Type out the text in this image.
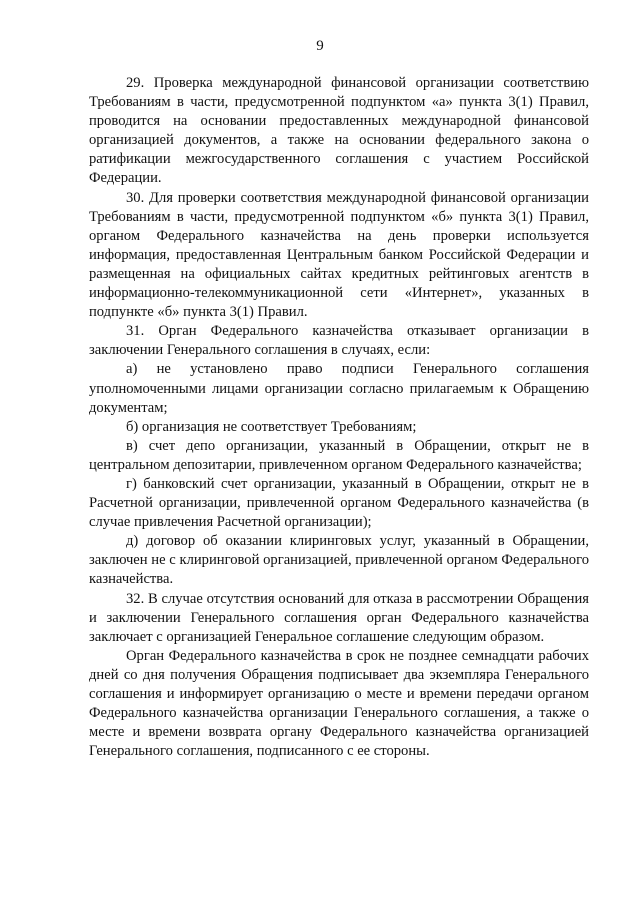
9

29. Проверка международной финансовой организации соответствию Требованиям в части, предусмотренной подпунктом «а» пункта 3(1) Правил, проводится на основании предоставленных международной финансовой организацией документов, а также на основании федерального закона о ратификации межгосударственного соглашения с участием Российской Федерации.

30. Для проверки соответствия международной финансовой организации Требованиям в части, предусмотренной подпунктом «б» пункта 3(1) Правил, органом Федерального казначейства на день проверки используется информация, предоставленная Центральным банком Российской Федерации и размещенная на официальных сайтах кредитных рейтинговых агентств в информационно-телекоммуникационной сети «Интернет», указанных в подпункте «б» пункта 3(1) Правил.

31. Орган Федерального казначейства отказывает организации в заключении Генерального соглашения в случаях, если:

а) не установлено право подписи Генерального соглашения уполномоченными лицами организации согласно прилагаемым к Обращению документам;

б) организация не соответствует Требованиям;

в) счет депо организации, указанный в Обращении, открыт не в центральном депозитарии, привлеченном органом Федерального казначейства;

г) банковский счет организации, указанный в Обращении, открыт не в Расчетной организации, привлеченной органом Федерального казначейства (в случае привлечения Расчетной организации);

д) договор об оказании клиринговых услуг, указанный в Обращении, заключен не с клиринговой организацией, привлеченной органом Федерального казначейства.

32. В случае отсутствия оснований для отказа в рассмотрении Обращения и заключении Генерального соглашения орган Федерального казначейства заключает с организацией Генеральное соглашение следующим образом.

Орган Федерального казначейства в срок не позднее семнадцати рабочих дней со дня получения Обращения подписывает два экземпляра Генерального соглашения и информирует организацию о месте и времени передачи органом Федерального казначейства организации Генерального соглашения, а также о месте и времени возврата органу Федерального казначейства организацией Генерального соглашения, подписанного с ее стороны.
